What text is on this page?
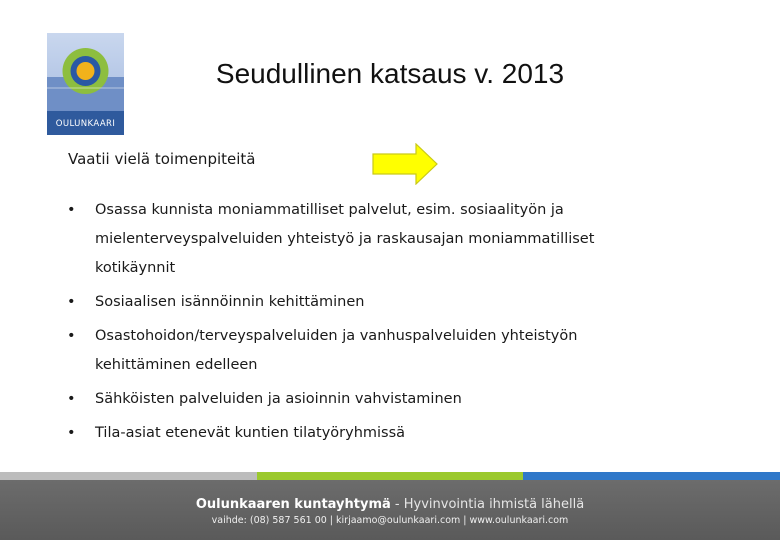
OULUNKAARI
Seudullinen katsaus v. 2013
Vaatii vielä toimenpiteitä
• Osassa kunnista moniammatilliset palvelut, esim. sosiaalityön ja
mielenterveyspalveluiden yhteistyö ja raskausajan moniammatilliset
kotikäynnit
• Sosiaalisen isännöinnin kehittäminen
• Osastohoidon/terveyspalveluiden ja vanhuspalveluiden yhteistyön
kehittäminen edelleen
• Sähköisten palveluiden ja asioinnin vahvistaminen
• Tila-asiat etenevät kuntien tilatyöryhmissä
Oulunkaaren kuntayhtymä - Hyvinvointia ihmistä lähellä
vaihde: (08) 587 561 00 | kirjaamo@oulunkaari.com | www.oulunkaari.com
